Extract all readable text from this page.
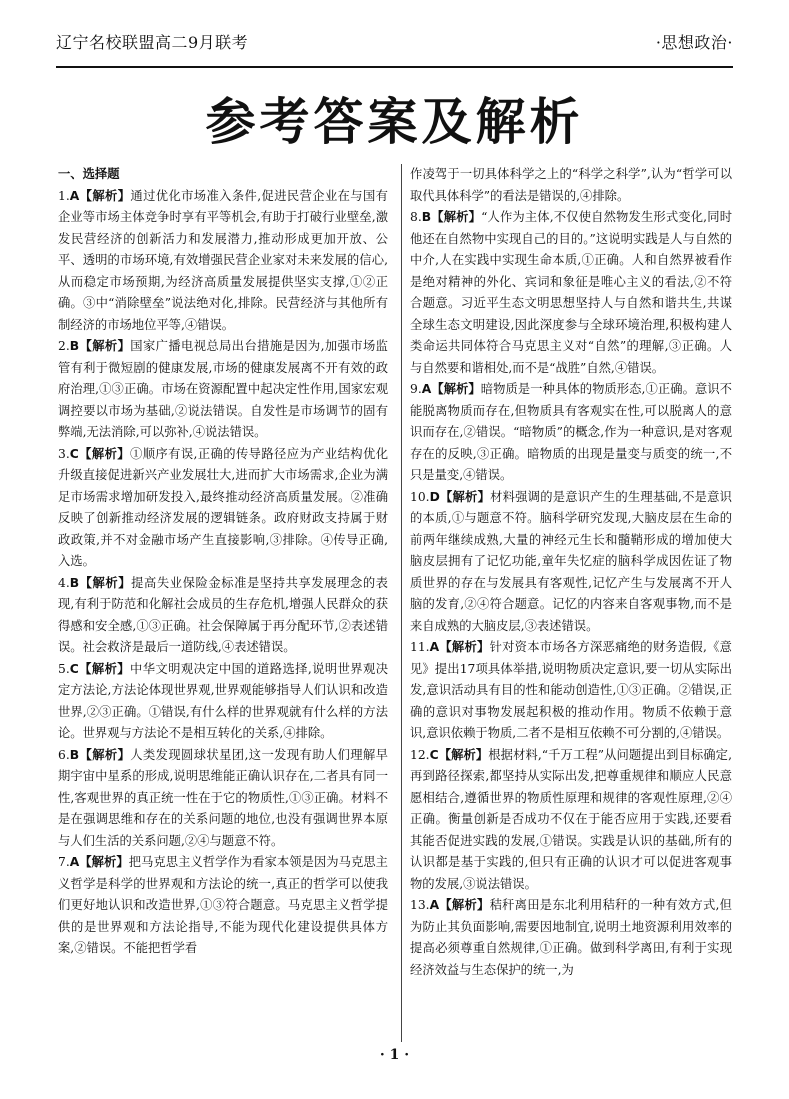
辽宁名校联盟高二9月联考	·思想政治·
参考答案及解析

一、选择题

1.A【解析】通过优化市场准入条件,促进民营企业在与国有企业等市场主体竞争时享有平等机会,有助于打破行业壁垒,激发民营经济的创新活力和发展潜力,推动形成更加开放、公平、透明的市场环境,有效增强民营企业家对未来发展的信心,从而稳定市场预期,为经济高质量发展提供坚实支撑,①②正确。③中“消除壁垒”说法绝对化,排除。民营经济与其他所有制经济的市场地位平等,④错误。

2.B【解析】国家广播电视总局出台措施是因为,加强市场监管有利于微短剧的健康发展,市场的健康发展离不开有效的政府治理,①③正确。市场在资源配置中起决定性作用,国家宏观调控要以市场为基础,②说法错误。自发性是市场调节的固有弊端,无法消除,可以弥补,④说法错误。

3.C【解析】①顺序有误,正确的传导路径应为产业结构优化升级直接促进新兴产业发展壮大,进而扩大市场需求,企业为满足市场需求增加研发投入,最终推动经济高质量发展。②准确反映了创新推动经济发展的逻辑链条。政府财政支持属于财政政策,并不对金融市场产生直接影响,③排除。④传导正确,入选。

4.B【解析】提高失业保险金标准是坚持共享发展理念的表现,有利于防范和化解社会成员的生存危机,增强人民群众的获得感和安全感,①③正确。社会保障属于再分配环节,②表述错误。社会救济是最后一道防线,④表述错误。

5.C【解析】中华文明观决定中国的道路选择,说明世界观决定方法论,方法论体现世界观,世界观能够指导人们认识和改造世界,②③正确。①错误,有什么样的世界观就有什么样的方法论。世界观与方法论不是相互转化的关系,④排除。

6.B【解析】人类发现圆球状星团,这一发现有助人们理解早期宇宙中星系的形成,说明思维能正确认识存在,二者具有同一性,客观世界的真正统一性在于它的物质性,①③正确。材料不是在强调思维和存在的关系问题的地位,也没有强调世界本原与人们生活的关系问题,②④与题意不符。

7.A【解析】把马克思主义哲学作为看家本领是因为马克思主义哲学是科学的世界观和方法论的统一,真正的哲学可以使我们更好地认识和改造世界,①③符合题意。马克思主义哲学提供的是世界观和方法论指导,不能为现代化建设提供具体方案,②错误。不能把哲学看

作凌驾于一切具体科学之上的“科学之科学”,认为“哲学可以取代具体科学”的看法是错误的,④排除。

8.B【解析】“人作为主体,不仅使自然物发生形式变化,同时他还在自然物中实现自己的目的。”这说明实践是人与自然的中介,人在实践中实现生命本质,①正确。人和自然界被看作是绝对精神的外化、宾词和象征是唯心主义的看法,②不符合题意。习近平生态文明思想坚持人与自然和谐共生,共谋全球生态文明建设,因此深度参与全球环境治理,积极构建人类命运共同体符合马克思主义对“自然”的理解,③正确。人与自然要和谐相处,而不是“战胜”自然,④错误。

9.A【解析】暗物质是一种具体的物质形态,①正确。意识不能脱离物质而存在,但物质具有客观实在性,可以脱离人的意识而存在,②错误。“暗物质”的概念,作为一种意识,是对客观存在的反映,③正确。暗物质的出现是量变与质变的统一,不只是量变,④错误。

10.D【解析】材料强调的是意识产生的生理基础,不是意识的本质,①与题意不符。脑科学研究发现,大脑皮层在生命的前两年继续成熟,大量的神经元生长和髓鞘形成的增加使大脑皮层拥有了记忆功能,童年失忆症的脑科学成因佐证了物质世界的存在与发展具有客观性,记忆产生与发展离不开人脑的发育,②④符合题意。记忆的内容来自客观事物,而不是来自成熟的大脑皮层,③表述错误。

11.A【解析】针对资本市场各方深恶痛绝的财务造假,《意见》提出17项具体举措,说明物质决定意识,要一切从实际出发,意识活动具有目的性和能动创造性,①③正确。②错误,正确的意识对事物发展起积极的推动作用。物质不依赖于意识,意识依赖于物质,二者不是相互依赖不可分割的,④错误。

12.C【解析】根据材料,“千万工程”从问题提出到目标确定,再到路径探索,都坚持从实际出发,把尊重规律和顺应人民意愿相结合,遵循世界的物质性原理和规律的客观性原理,②④正确。衡量创新是否成功不仅在于能否应用于实践,还要看其能否促进实践的发展,①错误。实践是认识的基础,所有的认识都是基于实践的,但只有正确的认识才可以促进客观事物的发展,③说法错误。

13.A【解析】秸秆离田是东北利用秸秆的一种有效方式,但为防止其负面影响,需要因地制宜,说明土地资源利用效率的提高必须尊重自然规律,①正确。做到科学离田,有利于实现经济效益与生态保护的统一,为

· 1 ·
